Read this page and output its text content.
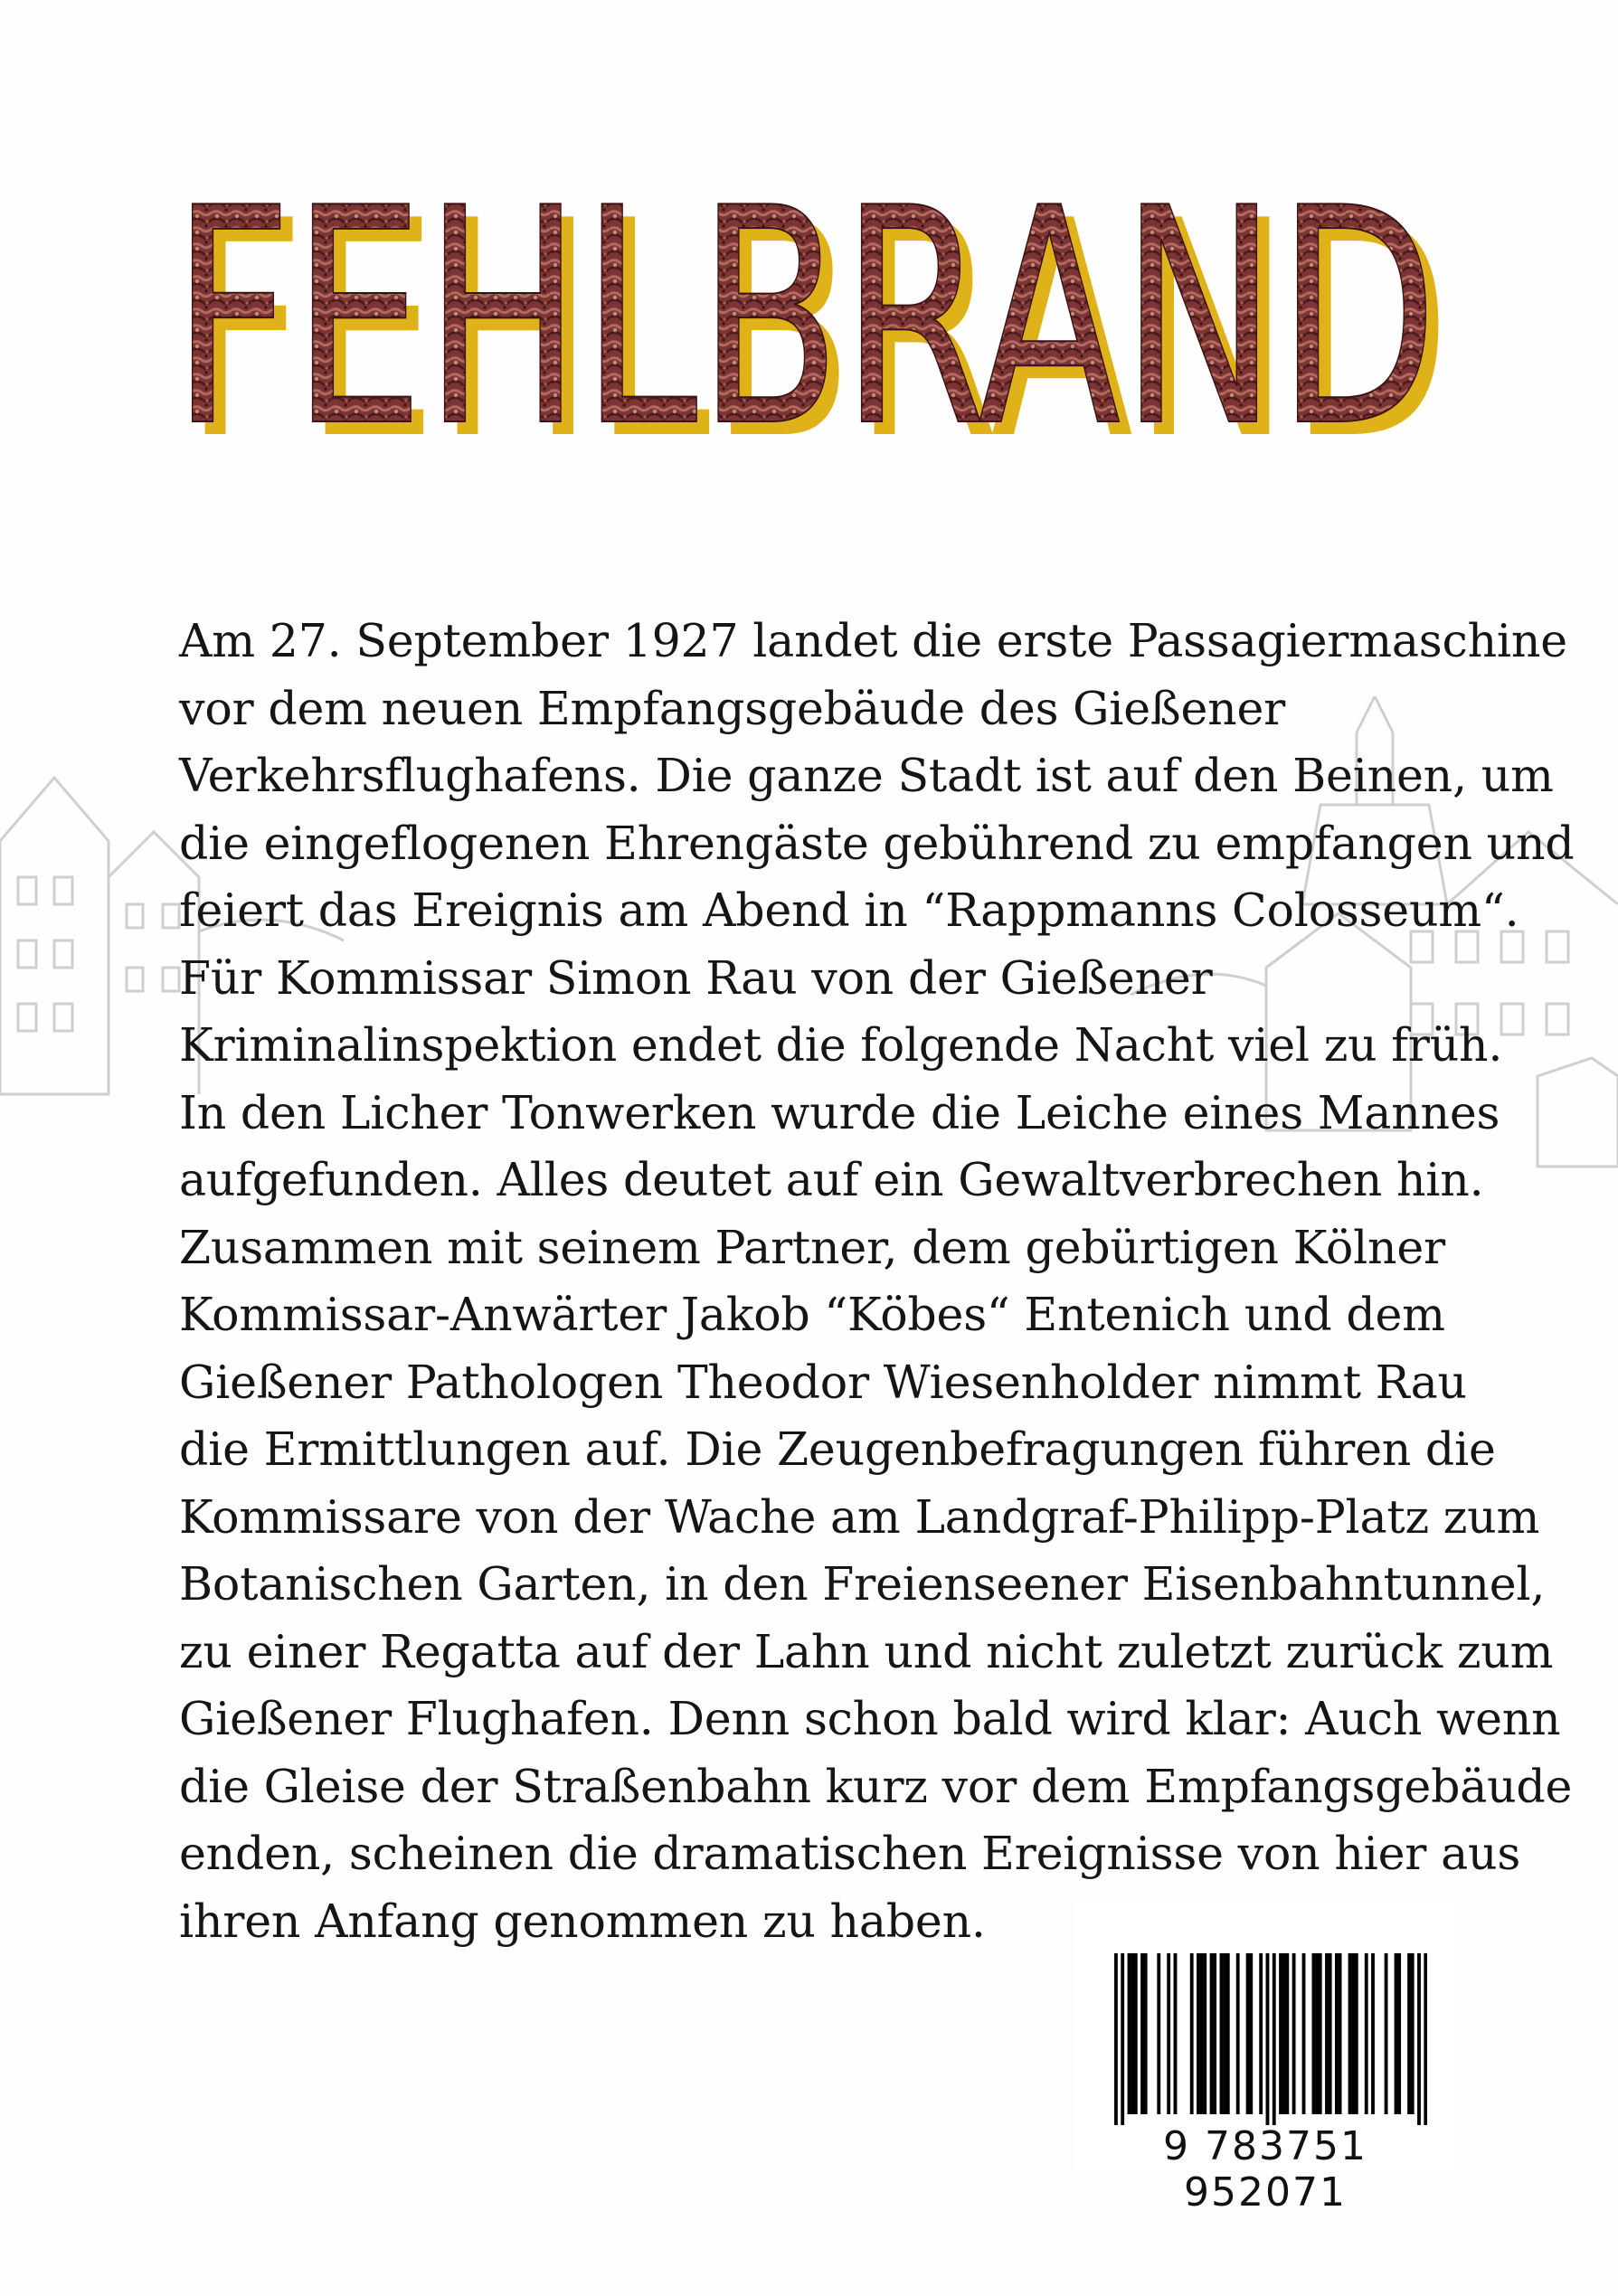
FEHLBRAND
FEHLBRAND
Am 27. September 1927 landet die erste Passagiermaschine
vor dem neuen Empfangsgebäude des Gießener
Verkehrsflughafens. Die ganze Stadt ist auf den Beinen, um
die eingeflogenen Ehrengäste gebührend zu empfangen und
feiert das Ereignis am Abend in “Rappmanns Colosseum“.
Für Kommissar Simon Rau von der Gießener
Kriminalinspektion endet die folgende Nacht viel zu früh.
In den Licher Tonwerken wurde die Leiche eines Mannes
aufgefunden. Alles deutet auf ein Gewaltverbrechen hin.
Zusammen mit seinem Partner, dem gebürtigen Kölner
Kommissar-Anwärter Jakob “Köbes“ Entenich und dem
Gießener Pathologen Theodor Wiesenholder nimmt Rau
die Ermittlungen auf. Die Zeugenbefragungen führen die
Kommissare von der Wache am Landgraf-Philipp-Platz zum
Botanischen Garten, in den Freienseener Eisenbahntunnel,
zu einer Regatta auf der Lahn und nicht zuletzt zurück zum
Gießener Flughafen. Denn schon bald wird klar: Auch wenn
die Gleise der Straßenbahn kurz vor dem Empfangsgebäude
enden, scheinen die dramatischen Ereignisse von hier aus
ihren Anfang genommen zu haben.
9 783751 952071
